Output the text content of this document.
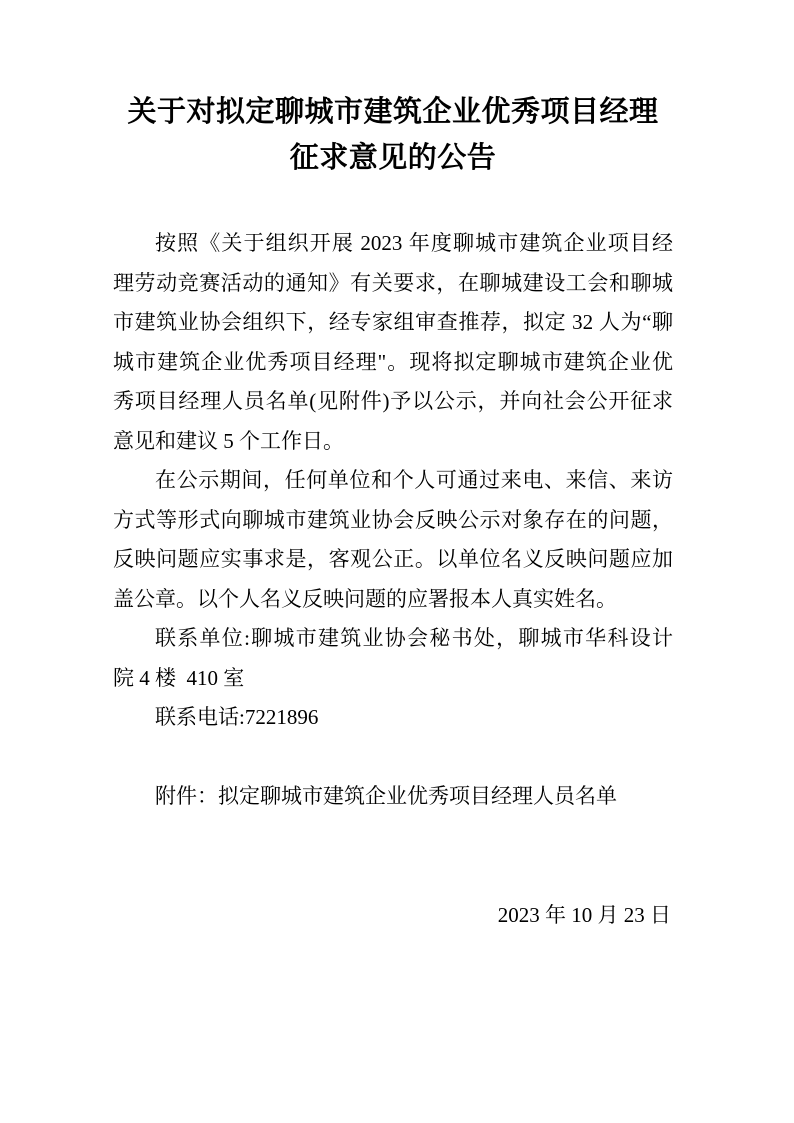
关于对拟定聊城市建筑企业优秀项目经理
征求意见的公告
按照《关于组织开展 2023 年度聊城市建筑企业项目经
理劳动竞赛活动的通知》有关要求，在聊城建设工会和聊城
市建筑业协会组织下，经专家组审查推荐，拟定 32 人为“聊
城市建筑企业优秀项目经理"。现将拟定聊城市建筑企业优
秀项目经理人员名单(见附件)予以公示，并向社会公开征求
意见和建议 5 个工作日。
在公示期间，任何单位和个人可通过来电、来信、来访
方式等形式向聊城市建筑业协会反映公示对象存在的问题，
反映问题应实事求是，客观公正。以单位名义反映问题应加
盖公章。以个人名义反映问题的应署报本人真实姓名。
联系单位:聊城市建筑业协会秘书处，聊城市华科设计
院 4 楼  410 室
联系电话:7221896

附件：拟定聊城市建筑企业优秀项目经理人员名单

2023 年 10 月 23 日
